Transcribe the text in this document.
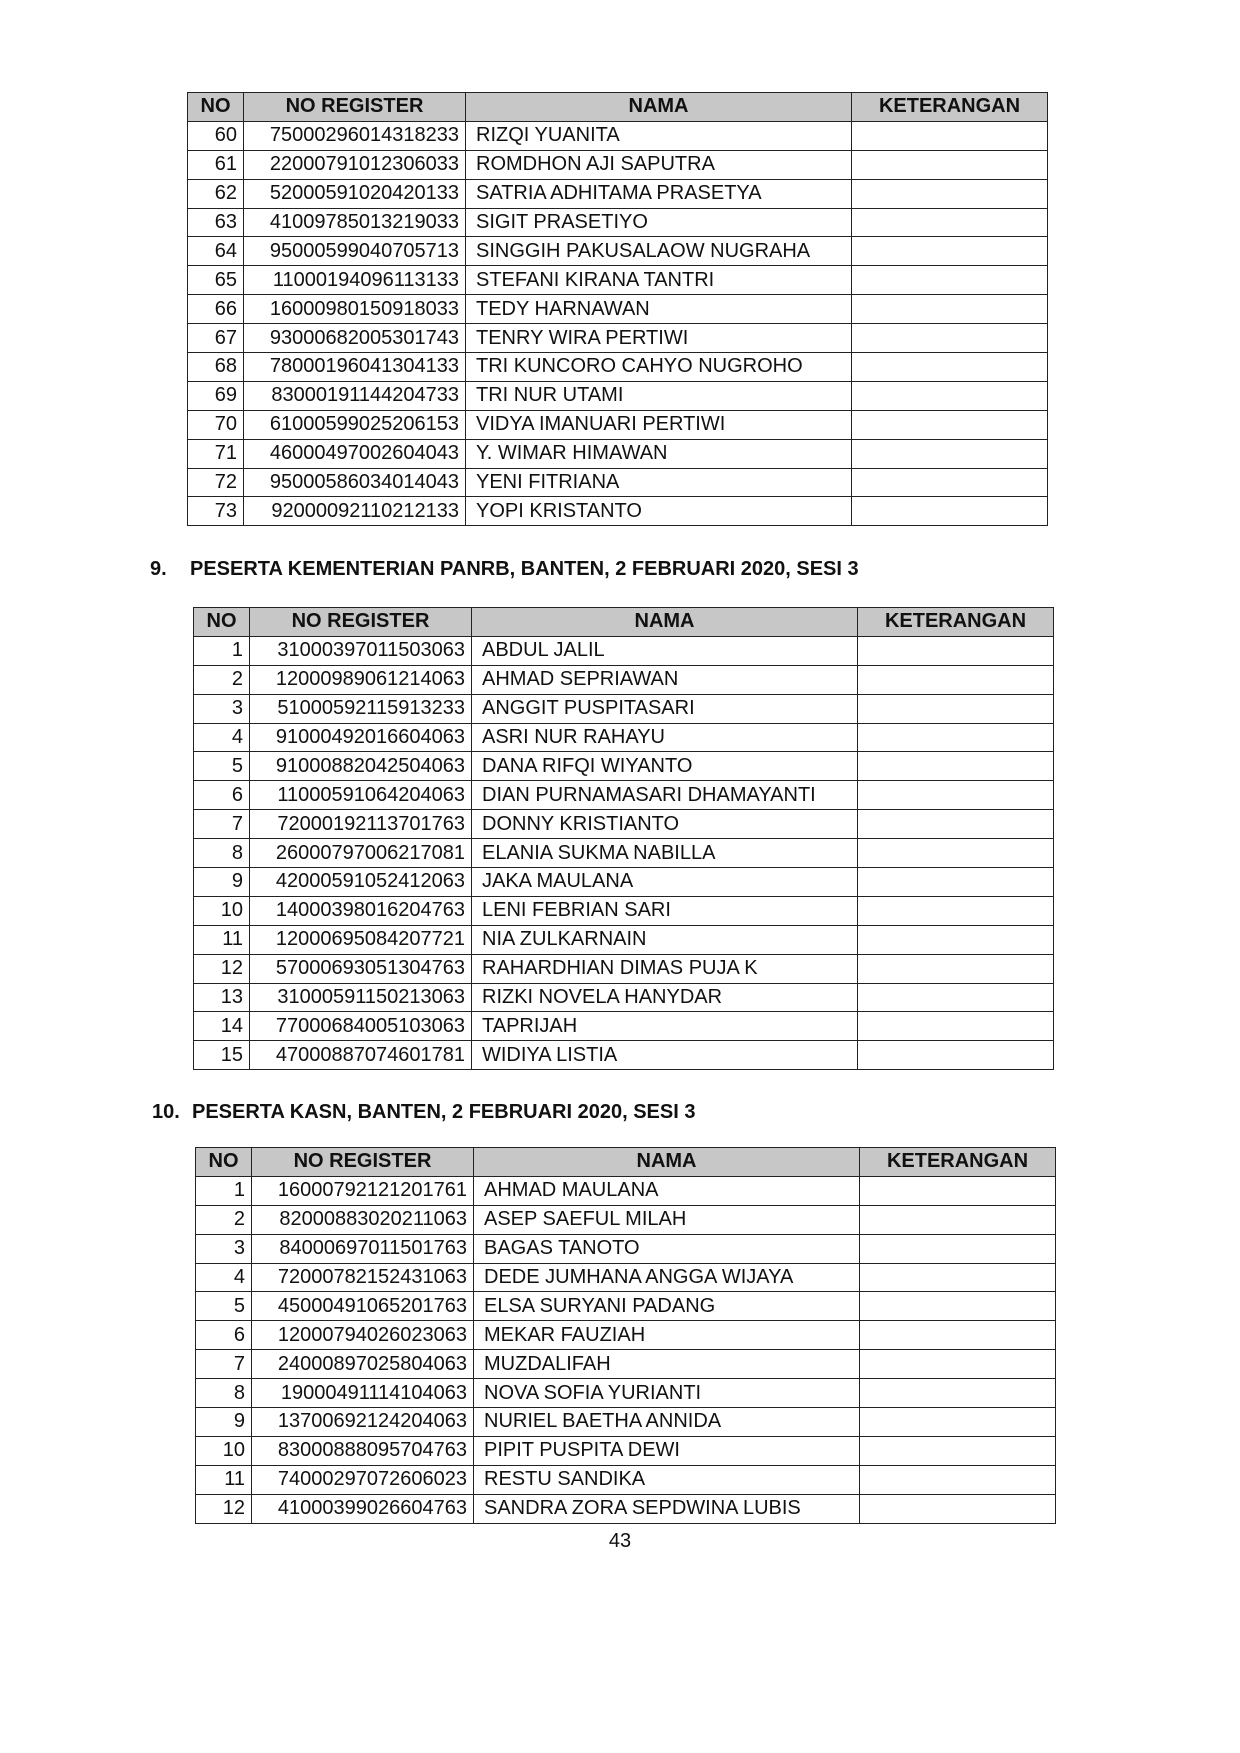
NO	NO REGISTER	NAMA	KETERANGAN
60	75000296014318233	RIZQI YUANITA	
61	22000791012306033	ROMDHON AJI SAPUTRA	
62	52000591020420133	SATRIA ADHITAMA PRASETYA	
63	41009785013219033	SIGIT PRASETIYO	
64	95000599040705713	SINGGIH PAKUSALAOW NUGRAHA	
65	11000194096113133	STEFANI KIRANA TANTRI	
66	16000980150918033	TEDY HARNAWAN	
67	93000682005301743	TENRY WIRA PERTIWI	
68	78000196041304133	TRI KUNCORO CAHYO NUGROHO	
69	83000191144204733	TRI NUR UTAMI	
70	61000599025206153	VIDYA IMANUARI PERTIWI	
71	46000497002604043	Y. WIMAR HIMAWAN	
72	95000586034014043	YENI FITRIANA	
73	92000092110212133	YOPI KRISTANTO	
9. PESERTA KEMENTERIAN PANRB, BANTEN, 2 FEBRUARI 2020, SESI 3
NO	NO REGISTER	NAMA	KETERANGAN
1	31000397011503063	ABDUL JALIL	
2	12000989061214063	AHMAD SEPRIAWAN	
3	51000592115913233	ANGGIT PUSPITASARI	
4	91000492016604063	ASRI NUR RAHAYU	
5	91000882042504063	DANA RIFQI WIYANTO	
6	11000591064204063	DIAN PURNAMASARI DHAMAYANTI	
7	72000192113701763	DONNY KRISTIANTO	
8	26000797006217081	ELANIA SUKMA NABILLA	
9	42000591052412063	JAKA MAULANA	
10	14000398016204763	LENI FEBRIAN SARI	
11	12000695084207721	NIA ZULKARNAIN	
12	57000693051304763	RAHARDHIAN DIMAS PUJA K	
13	31000591150213063	RIZKI NOVELA HANYDAR	
14	77000684005103063	TAPRIJAH	
15	47000887074601781	WIDIYA LISTIA	
10. PESERTA KASN, BANTEN, 2 FEBRUARI 2020, SESI 3
NO	NO REGISTER	NAMA	KETERANGAN
1	16000792121201761	AHMAD MAULANA	
2	82000883020211063	ASEP SAEFUL MILAH	
3	84000697011501763	BAGAS TANOTO	
4	72000782152431063	DEDE JUMHANA ANGGA WIJAYA	
5	45000491065201763	ELSA SURYANI PADANG	
6	12000794026023063	MEKAR FAUZIAH	
7	24000897025804063	MUZDALIFAH	
8	19000491114104063	NOVA SOFIA YURIANTI	
9	13700692124204063	NURIEL BAETHA ANNIDA	
10	83000888095704763	PIPIT PUSPITA DEWI	
11	74000297072606023	RESTU SANDIKA	
12	41000399026604763	SANDRA ZORA SEPDWINA LUBIS	
43
